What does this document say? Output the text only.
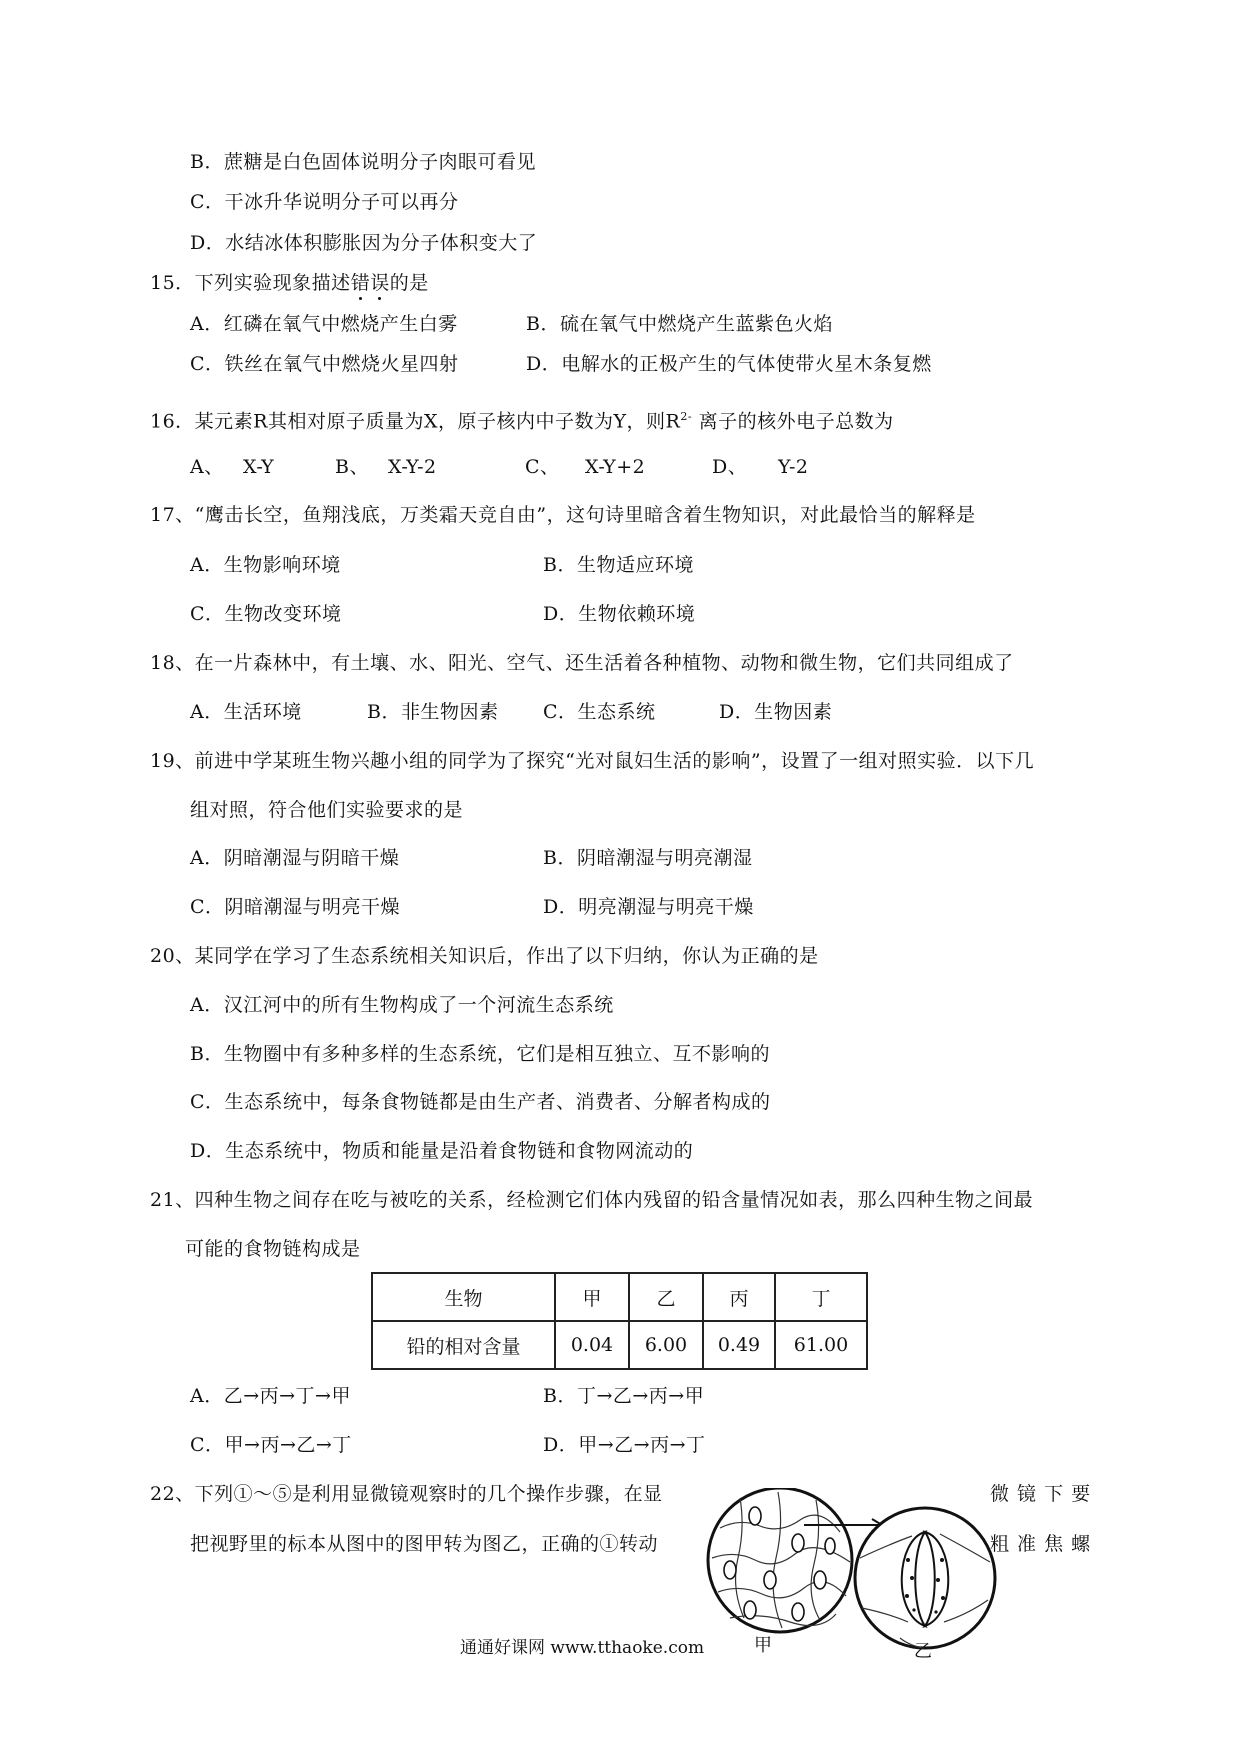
B．蔗糖是白色固体说明分子肉眼可看见
C．干冰升华说明分子可以再分
D．水结冰体积膨胀因为分子体积变大了
15．下列实验现象描述错
误
的是
A．红磷在氧气中燃烧产生白雾	B．硫在氧气中燃烧产生蓝紫色火焰
C．铁丝在氧气中燃烧火星四射	D．电解水的正极产生的气体使带火星木条复燃
16．某元素R其相对原子质量为X，原子核内中子数为Y，则$R^{2-}$ 离子的核外电子总数为
A、 X-Y	B、 X-Y-2	C、 X-Y+2	D、 Y-2
17、“鹰击长空，鱼翔浅底，万类霜天竞自由”，这句诗里暗含着生物知识，对此最恰当的解释是
A．生物影响环境	B．生物适应环境
C．生物改变环境	D．生物依赖环境
18、在一片森林中，有土壤、水、阳光、空气、还生活着各种植物、动物和微生物，它们共同组成了
A．生活环境	B．非生物因素 C．生态系统	D．生物因素
19、前进中学某班生物兴趣小组的同学为了探究“光对鼠妇生活的影响”，设置了一组对照实验．以下几
组对照，符合他们实验要求的是
A．阴暗潮湿与阴暗干燥	B．阴暗潮湿与明亮潮湿
C．阴暗潮湿与明亮干燥	D．明亮潮湿与明亮干燥
20、某同学在学习了生态系统相关知识后，作出了以下归纳，你认为正确的是
A．汉江河中的所有生物构成了一个河流生态系统
B．生物圈中有多种多样的生态系统，它们是相互独立、互不影响的
C．生态系统中，每条食物链都是由生产者、消费者、分解者构成的
D．生态系统中，物质和能量是沿着食物链和食物网流动的
21、四种生物之间存在吃与被吃的关系，经检测它们体内残留的铅含量情况如表，那么四种生物之间最
可能的食物链构成是
生物	甲	乙	丙	丁
铅的相对含量	0.04	6.00	0.49	61.00
A．乙→丙→丁→甲	B．丁→乙→丙→甲
C．甲→丙→乙→丁	D．甲→乙→丙→丁
22、下列①～⑤是利用显微镜观察时的几个操作步骤，在显	微 镜 下 要
把视野里的标本从图中的图甲转为图乙，正确的①转动	粗 准 焦 螺
甲	乙
通通好课网 www.tthaoke.com
